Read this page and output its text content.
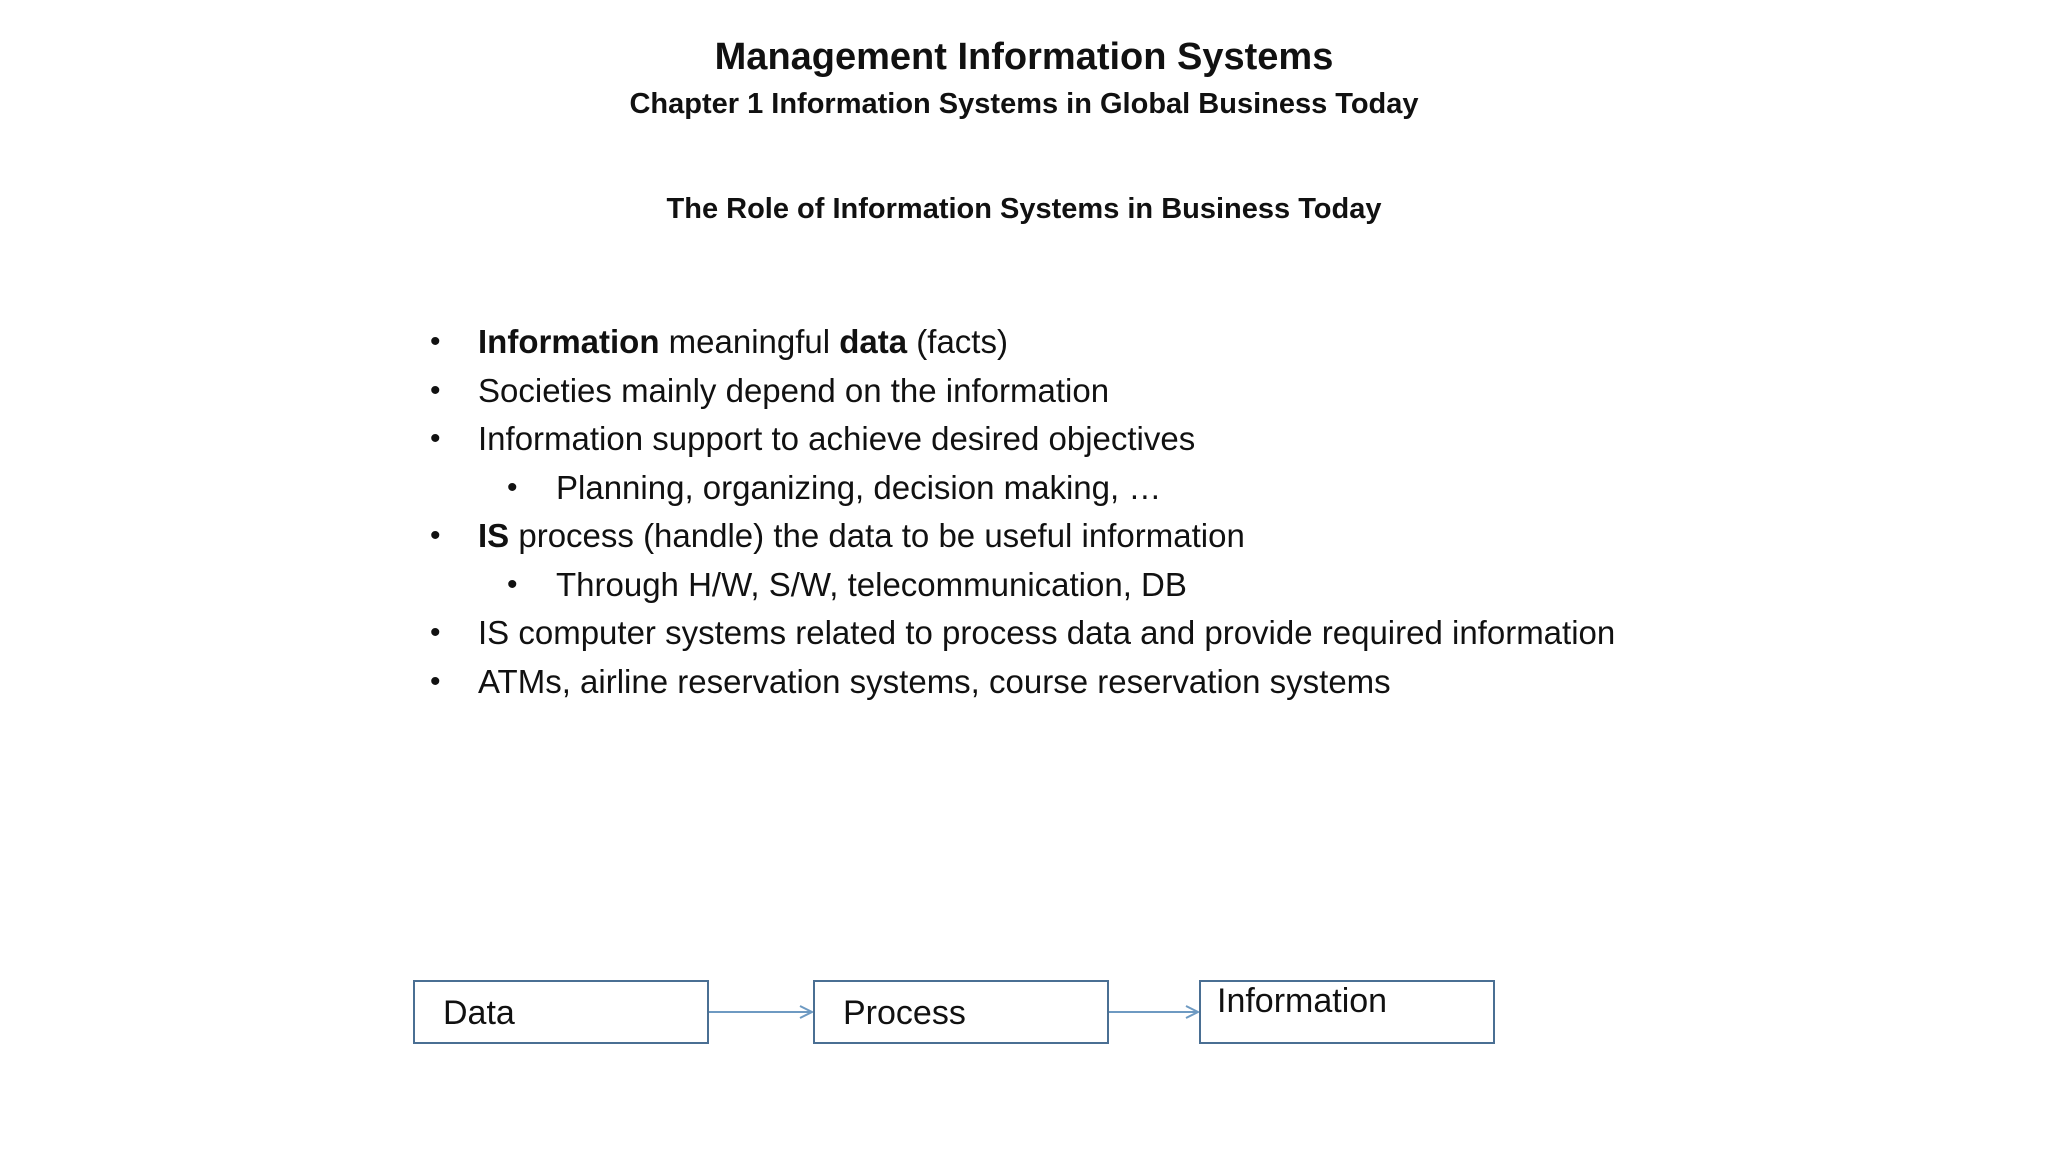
Management Information Systems
Chapter 1 Information Systems in Global Business Today
The Role of Information Systems in Business Today
• Information meaningful data (facts)
• Societies mainly depend on the information
• Information support to achieve desired objectives
• Planning, organizing, decision making, …
• IS process (handle) the data to be useful information
• Through H/W, S/W, telecommunication, DB
• IS computer systems related to process data and provide required information
• ATMs, airline reservation systems, course reservation systems
Data	Process	Information
